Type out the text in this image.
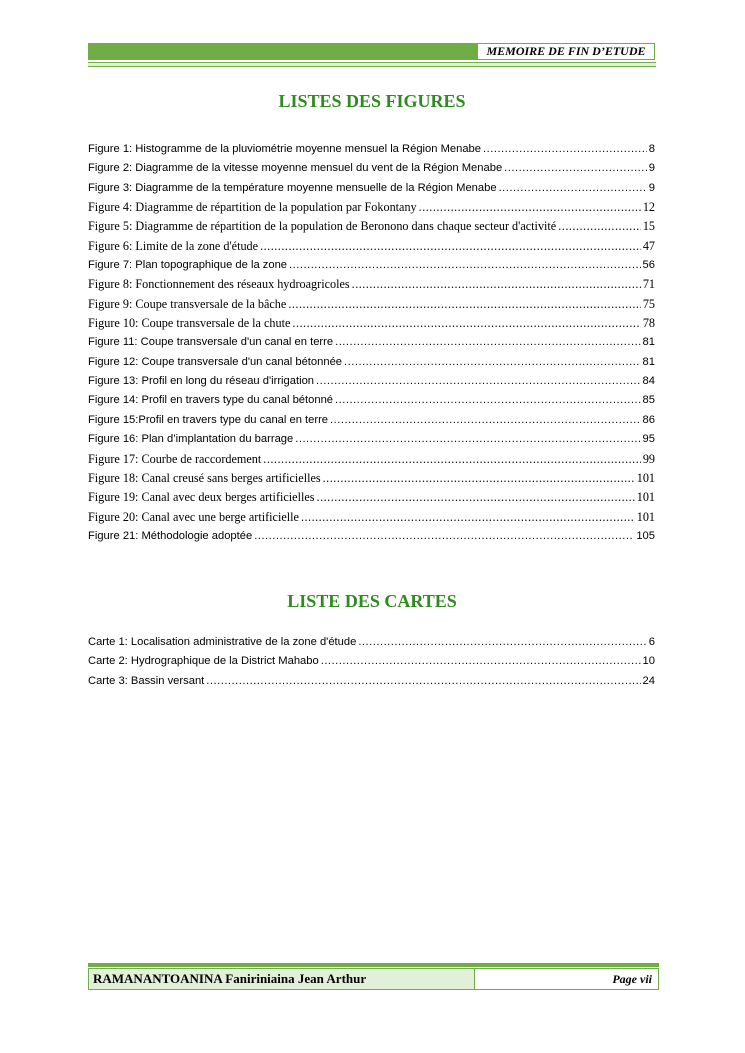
MEMOIRE DE FIN D’ETUDE
LISTES DES FIGURES
Figure 1: Histogramme de la pluviométrie moyenne mensuel la Région Menabe .....	8
Figure 2: Diagramme de la vitesse moyenne mensuel du vent de la Région Menabe .....	9
Figure 3: Diagramme de la température moyenne mensuelle de la Région Menabe .....	9
Figure 4: Diagramme de répartition de la population par Fokontany .....	12
Figure 5: Diagramme de répartition de la population de Beronono dans chaque secteur d'activité .....	15
Figure 6: Limite de la zone d'étude .....	47
Figure 7: Plan topographique de la zone .....	56
Figure 8: Fonctionnement des réseaux hydroagricoles .....	71
Figure 9: Coupe transversale de la bâche .....	75
Figure 10: Coupe transversale de la chute .....	78
Figure 11: Coupe transversale d'un canal en terre .....	81
Figure 12: Coupe transversale d'un canal bétonnée .....	81
Figure 13: Profil en long du réseau d'irrigation .....	84
Figure 14: Profil en travers type du canal bétonné .....	85
Figure 15:Profil en travers type du canal en terre .....	86
Figure 16: Plan d’implantation du barrage .....	95
Figure 17: Courbe de raccordement .....	99
Figure 18: Canal creusé sans berges artificielles .....	101
Figure 19: Canal avec deux berges artificielles .....	101
Figure 20: Canal avec une berge artificielle .....	101
Figure 21: Méthodologie adoptée .....	105
LISTE DES CARTES
Carte 1: Localisation administrative de la zone d'étude .....	6
Carte 2: Hydrographique de la District Mahabo .....	10
Carte 3: Bassin versant .....	24
RAMANANTOANINA Faniriniaina Jean Arthur	Page vii
